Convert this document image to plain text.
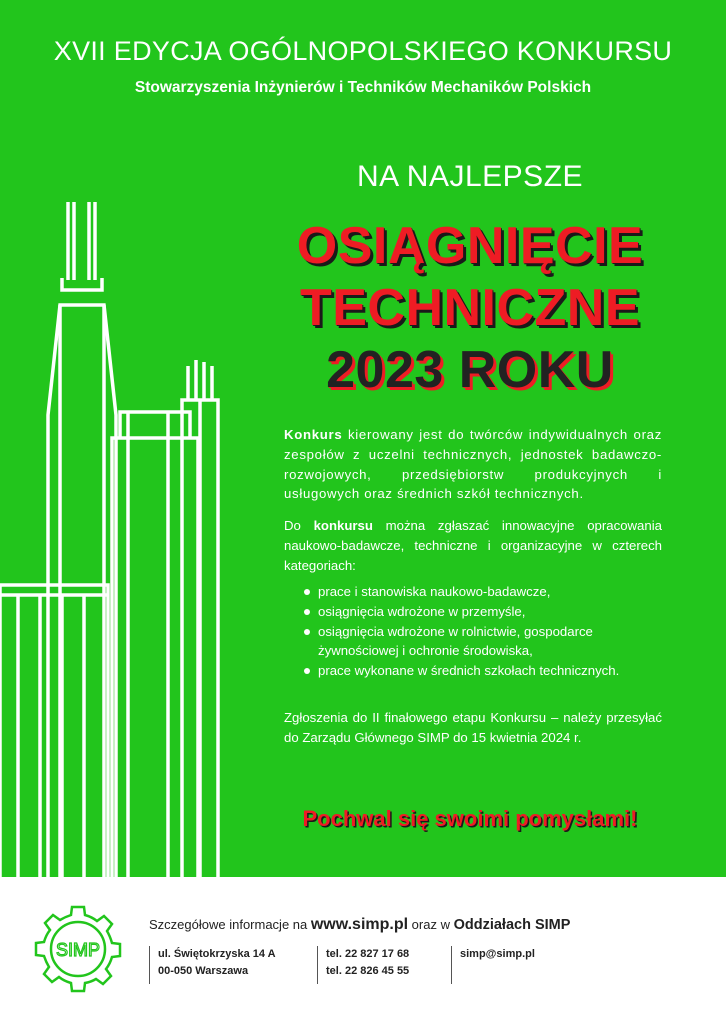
XVII EDYCJA OGÓLNOPOLSKIEGO KONKURSU
Stowarzyszenia Inżynierów i Techników Mechaników Polskich
NA NAJLEPSZE
OSIĄGNIĘCIE
TECHNICZNE
2023 ROKU
Konkurs kierowany jest do twórców indywidualnych oraz zespołów z uczelni technicznych, jednostek badawczo-rozwojowych, przedsiębiorstw produkcyjnych i usługowych oraz średnich szkół technicznych.
Do konkursu można zgłaszać innowacyjne opracowania naukowo-badawcze, techniczne i organizacyjne w czterech kategoriach:
prace i stanowiska naukowo-badawcze,
osiągnięcia wdrożone w przemyśle,
osiągnięcia wdrożone w rolnictwie, gospodarce żywnościowej i ochronie środowiska,
prace wykonane w średnich szkołach technicznych.
Zgłoszenia do II finałowego etapu Konkursu – należy przesyłać do Zarządu Głównego SIMP do 15 kwietnia 2024 r.
Pochwal się swoimi pomysłami!
SIMP
Szczegółowe informacje na www.simp.pl oraz w Oddziałach SIMP
ul. Świętokrzyska 14 A
00-050 Warszawa
tel. 22 827 17 68
tel. 22 826 45 55
simp@simp.pl
